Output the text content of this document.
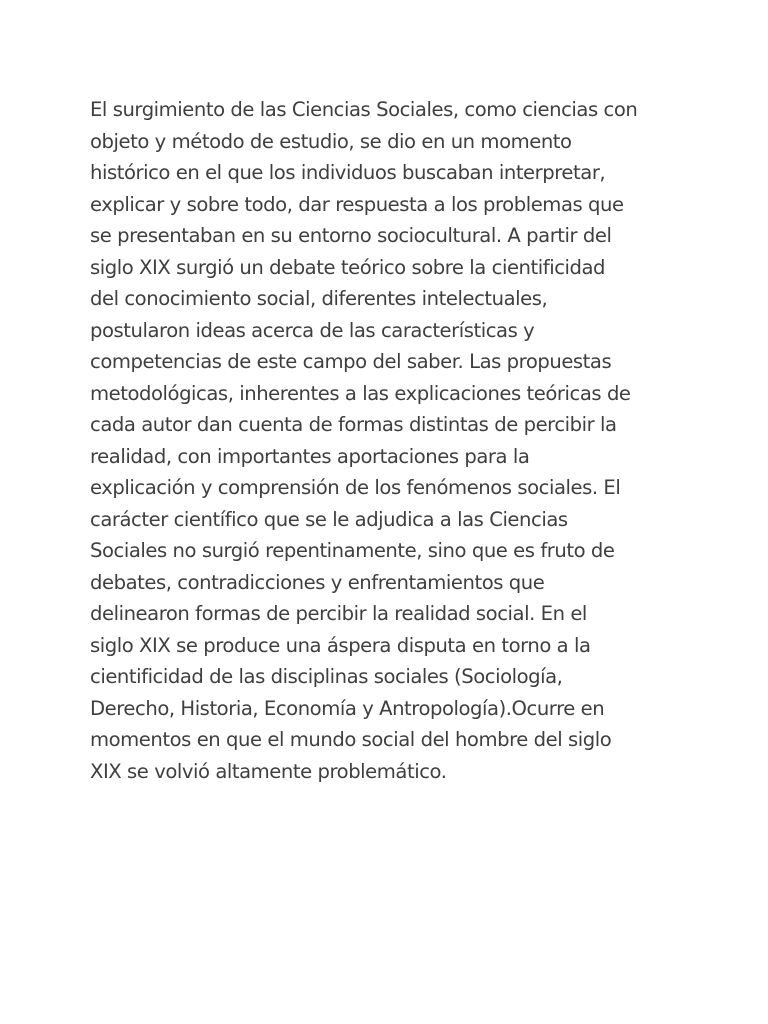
El surgimiento de las Ciencias Sociales, como ciencias con
objeto y método de estudio, se dio en un momento
histórico en el que los individuos buscaban interpretar,
explicar y sobre todo, dar respuesta a los problemas que
se presentaban en su entorno sociocultural. A partir del
siglo XIX surgió un debate teórico sobre la cientificidad
del conocimiento social, diferentes intelectuales,
postularon ideas acerca de las características y
competencias de este campo del saber. Las propuestas
metodológicas, inherentes a las explicaciones teóricas de
cada autor dan cuenta de formas distintas de percibir la
realidad, con importantes aportaciones para la
explicación y comprensión de los fenómenos sociales. El
carácter científico que se le adjudica a las Ciencias
Sociales no surgió repentinamente, sino que es fruto de
debates, contradicciones y enfrentamientos que
delinearon formas de percibir la realidad social. En el
siglo XIX se produce una áspera disputa en torno a la
cientificidad de las disciplinas sociales (Sociología,
Derecho, Historia, Economía y Antropología).Ocurre en
momentos en que el mundo social del hombre del siglo
XIX se volvió altamente problemático.
